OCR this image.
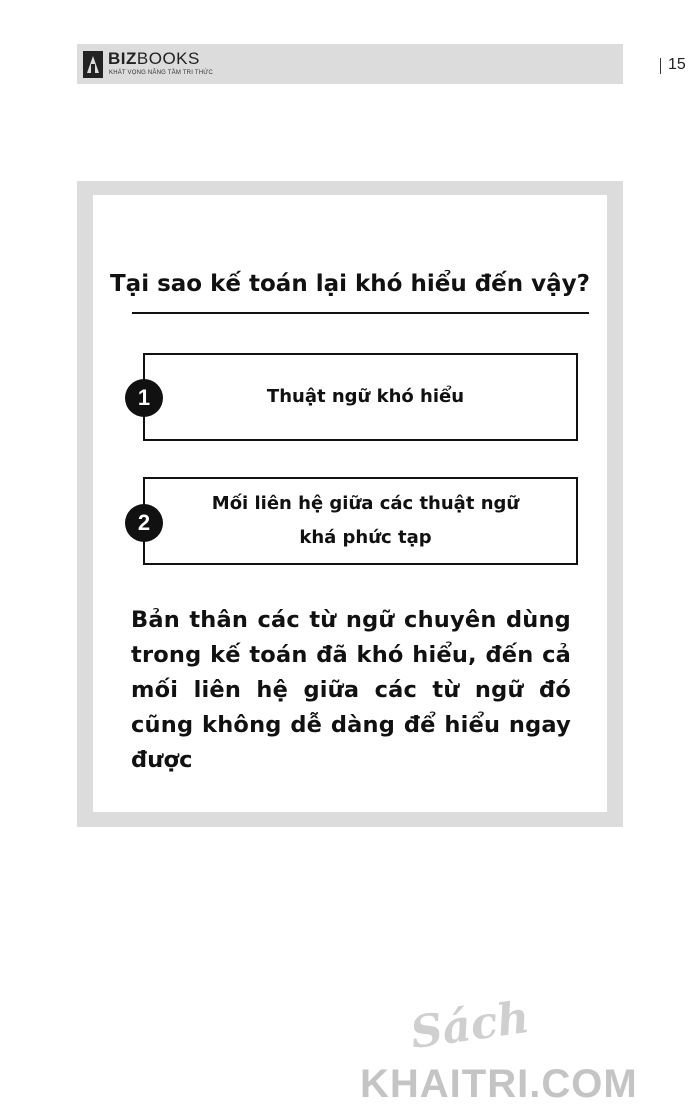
BIZBOOKS
KHÁT VỌNG NÂNG TẦM TRI THỨC	15
Tại sao kế toán lại khó hiểu đến vậy?
Thuật ngữ khó hiểu
1
Mối liên hệ giữa các thuật ngữ
khá phức tạp
2
Bản thân các từ ngữ chuyên dùng trong kế toán đã khó hiểu, đến cả mối liên hệ giữa các từ ngữ đó cũng không dễ dàng để hiểu ngay được
Sách
KHAITRI.COM
